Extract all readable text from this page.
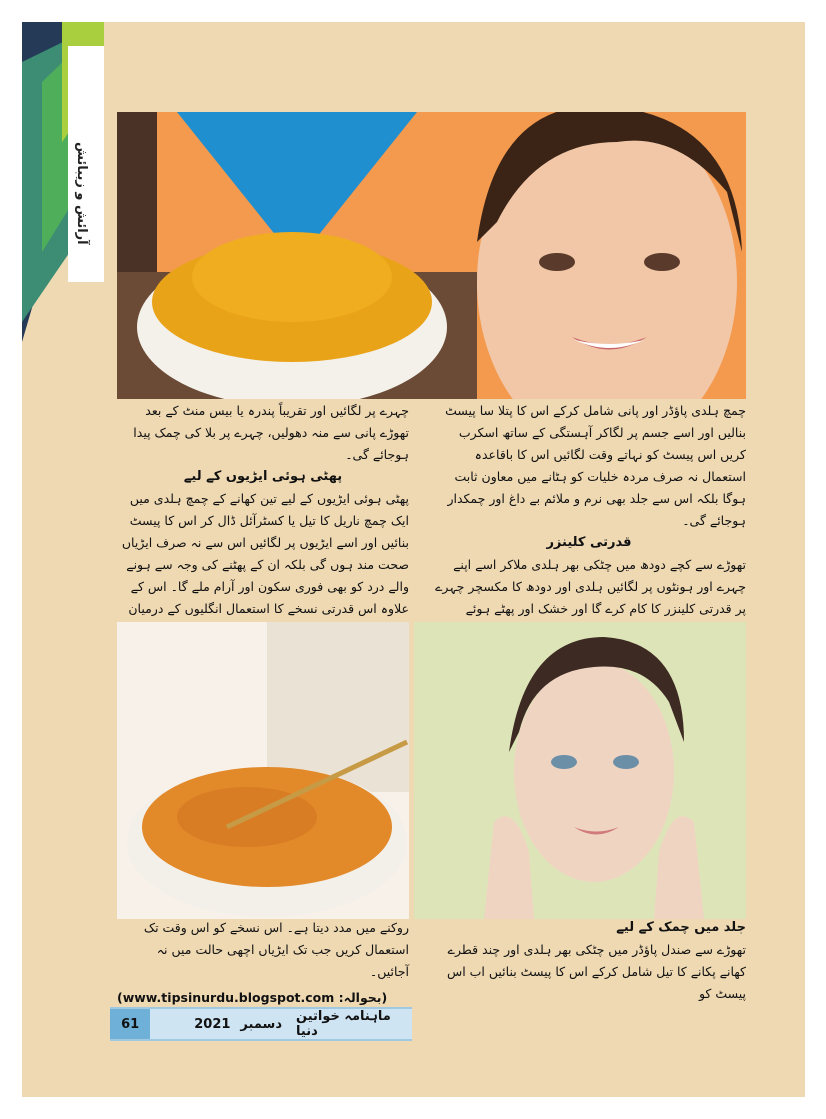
آرائش و زیبائش
چمچ ہلدی پاؤڈر اور پانی شامل کرکے اس کا پتلا سا پیسٹ بنالیں اور اسے جسم پر لگاکر آہستگی کے ساتھ اسکرب کریں اس پیسٹ کو نہاتے وقت لگائیں اس کا باقاعدہ استعمال نہ صرف مردہ خلیات کو ہٹانے میں معاون ثابت ہوگا بلکہ اس سے جلد بھی نرم و ملائم بے داغ اور چمکدار ہوجائے گی۔
قدرتی کلینزر
تھوڑے سے کچے دودھ میں چٹکی بھر ہلدی ملاکر اسے اپنے چہرے اور ہونٹوں پر لگائیں ہلدی اور دودھ کا مکسچر چہرے پر قدرتی کلینزر کا کام کرے گا اور خشک اور پھٹے ہوئے
چہرے پر لگائیں اور تقریباً پندرہ یا بیس منٹ کے بعد تھوڑے پانی سے منہ دھولیں، چہرے پر بلا کی چمک پیدا ہوجائے گی۔
پھٹی ہوئی ایڑیوں کے لیے
پھٹی ہوئی ایڑیوں کے لیے تین کھانے کے چمچ ہلدی میں ایک چمچ ناریل کا تیل یا کسٹرآئل ڈال کر اس کا پیسٹ بنائیں اور اسے ایڑیوں پر لگائیں اس سے نہ صرف ایڑیاں صحت مند ہوں گی بلکہ ان کے پھٹنے کی وجہ سے ہونے والے درد کو بھی فوری سکون اور آرام ملے گا۔ اس کے علاوہ اس قدرتی نسخے کا استعمال انگلیوں کے درمیان
جلد میں چمک کے لیے
تھوڑے سے صندل پاؤڈر میں چٹکی بھر ہلدی اور چند قطرے کھانے پکانے کا تیل شامل کرکے اس کا پیسٹ بنائیں اب اس پیسٹ کو
روکنے میں مدد دیتا ہے۔ اس نسخے کو اس وقت تک استعمال کریں جب تک ایڑیاں اچھی حالت میں نہ آجائیں۔
(www.tipsinurdu.blogspot.com :بحوالہ)
61	2021 دسمبر ماہنامہ خواتین دنیا
